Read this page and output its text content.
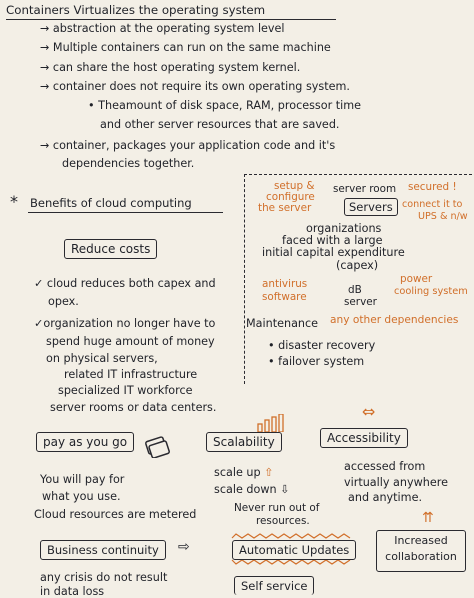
Containers Virtualizes the operating system
→ abstraction at the operating system level
→ Multiple containers can run on the same machine
→ can share the host operating system kernel.
→ container does not require its own operating system.
• Theamount of disk space, RAM, processor time
and other server resources that are saved.
→ container, packages your application code and it's
dependencies together.
* Benefits of cloud computing
Reduce costs
✓ cloud reduces both capex and
opex.
✓organization no longer have to
spend huge amount of money
on physical servers,
related IT infrastructure
specialized IT workforce
server rooms or data centers.
setup &
configure
the server
server room secured !
Servers connect it to
UPS & n/w
organizations
faced with a large
initial capital expenditure
(capex)
antivirus
software
dB
server
power
cooling system
Maintenance any other dependencies
• disaster recovery
• failover system
pay as you go
You will pay for
what you use.
Cloud resources are metered
Scalability
scale up ⇧
scale down ⇩
Never run out of
resources.
⇔
Accessibility
accessed from
virtually anywhere
and anytime.
Business continuity	⇨
any crisis do not result
in data loss
Automatic Updates
⇈
Increased
collaboration
Self service
